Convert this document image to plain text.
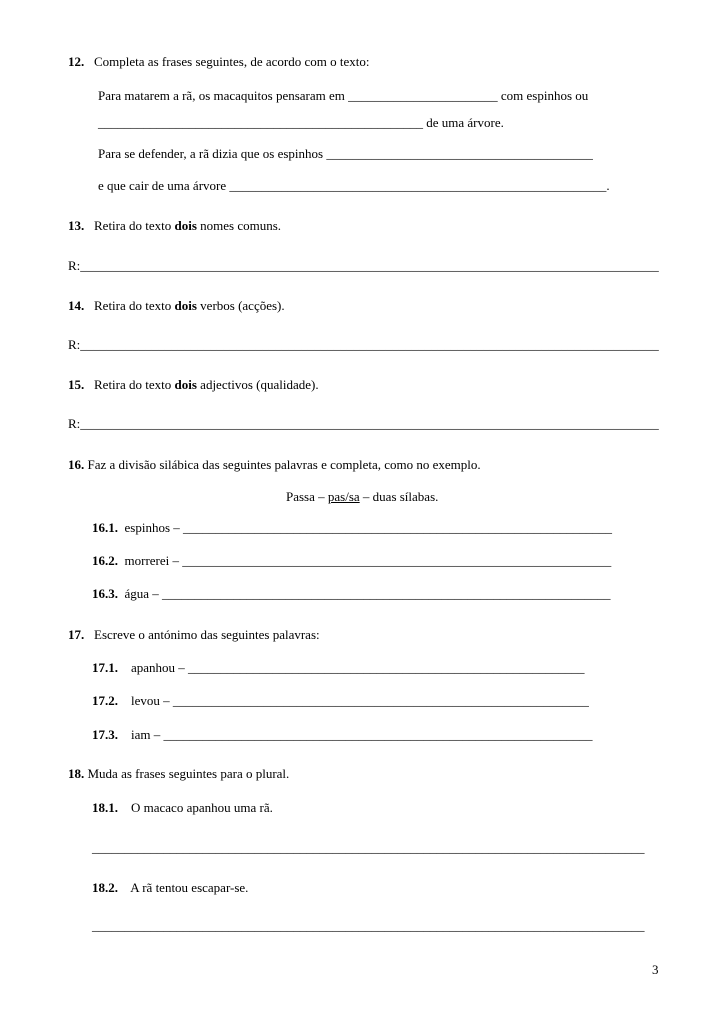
12. Completa as frases seguintes, de acordo com o texto:
Para matarem a rã, os macaquitos pensaram em _______________________ com espinhos ou
__________________________________________________ de uma árvore.
Para se defender, a rã dizia que os espinhos _________________________________________
e que cair de uma árvore __________________________________________________________.
13. Retira do texto dois nomes comuns.
R:_________________________________________________________________________________________
14. Retira do texto dois verbos (acções).
R:_________________________________________________________________________________________
15. Retira do texto dois adjectivos (qualidade).
R:_________________________________________________________________________________________
16. Faz a divisão silábica das seguintes palavras e completa, como no exemplo.
Passa – pas/sa – duas sílabas.
16.1. espinhos – __________________________________________________________________
16.2. morrerei – __________________________________________________________________
16.3. água – _____________________________________________________________________
17. Escreve o antónimo das seguintes palavras:
17.1. apanhou – _____________________________________________________________
17.2. levou – ________________________________________________________________
17.3. iam – __________________________________________________________________
18. Muda as frases seguintes para o plural.
18.1. O macaco apanhou uma rã.
_____________________________________________________________________________________
18.2. A rã tentou escapar-se.
_____________________________________________________________________________________
3
